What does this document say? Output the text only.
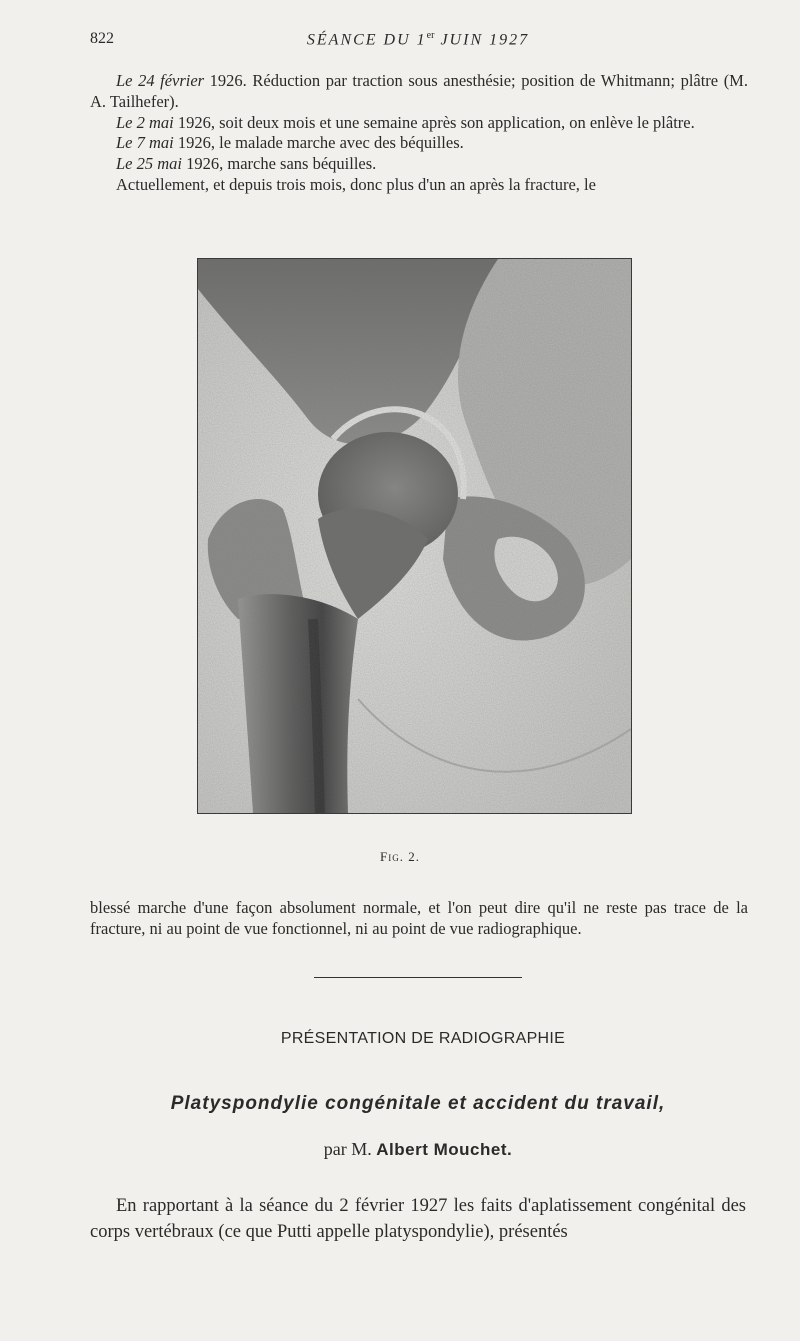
822	SÉANCE DU 1er JUIN 1927

Le 24 février 1926. Réduction par traction sous anesthésie; position de Whitmann; plâtre (M. A. Tailhefer).

Le 2 mai 1926, soit deux mois et une semaine après son application, on enlève le plâtre.

Le 7 mai 1926, le malade marche avec des béquilles.

Le 25 mai 1926, marche sans béquilles.

Actuellement, et depuis trois mois, donc plus d'un an après la fracture, le

Fig. 2.

blessé marche d'une façon absolument normale, et l'on peut dire qu'il ne reste pas trace de la fracture, ni au point de vue fonctionnel, ni au point de vue radiographique.

PRÉSENTATION DE RADIOGRAPHIE
Platyspondylie congénitale et accident du travail,
par M. Albert Mouchet.

En rapportant à la séance du 2 février 1927 les faits d'aplatissement congénital des corps vertébraux (ce que Putti appelle platyspondylie), présentés
